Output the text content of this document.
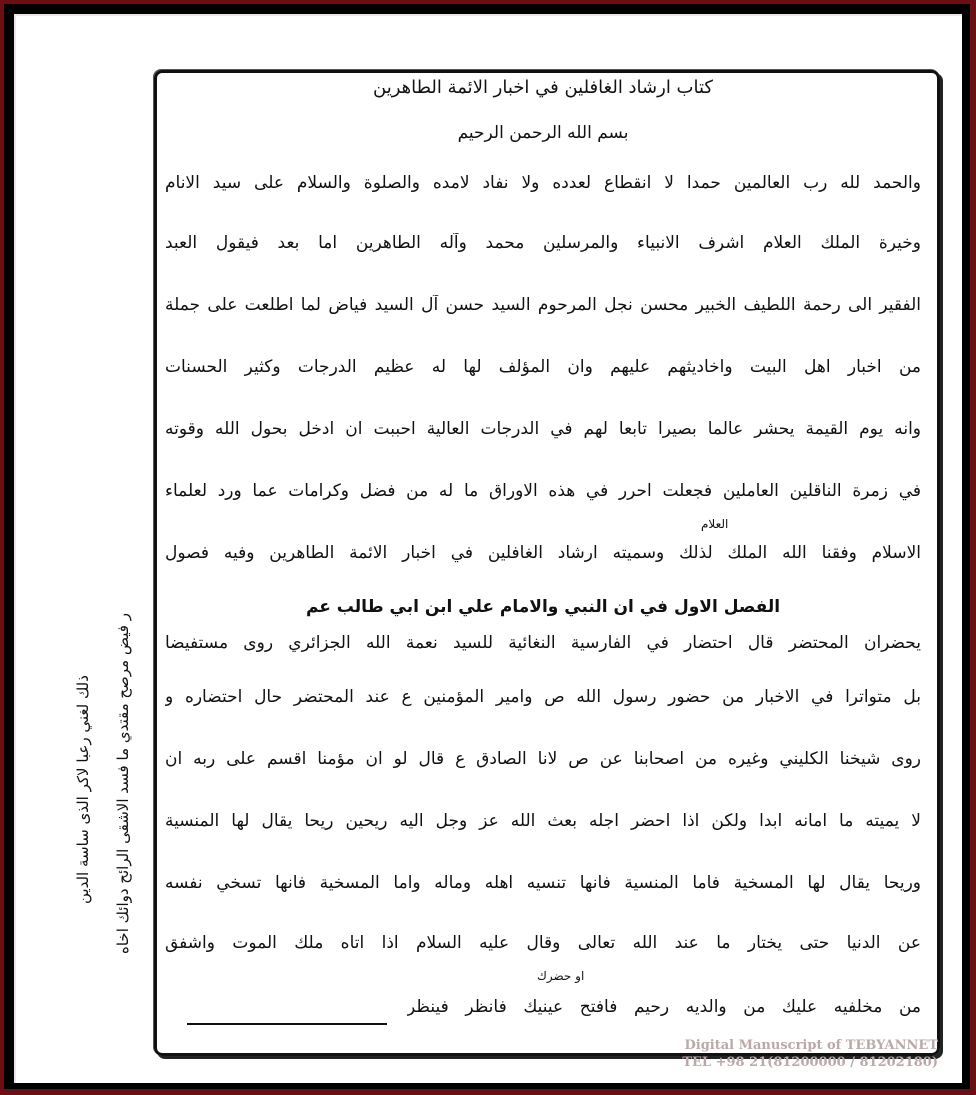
كتاب ارشاد الغافلين في اخبار الائمة الطاهرين
بسم الله الرحمن الرحيم
والحمد لله رب العالمين حمدا لا انقطاع لعدده ولا نفاد لامده والصلوة والسلام على سيد الانام
وخيرة الملك العلام اشرف الانبياء والمرسلين محمد وآله الطاهرين اما بعد فيقول العبد
الفقير الى رحمة اللطيف الخبير محسن نجل المرحوم السيد حسن آل السيد فياض لما اطلعت على جملة
من اخبار اهل البيت واخاديثهم عليهم وان المؤلف لها له عظيم الدرجات وكثير الحسنات
وانه يوم القيمة يحشر عالما بصيرا تابعا لهم في الدرجات العالية احببت ان ادخل بحول الله وقوته
في زمرة الناقلين العاملين فجعلت احرر في هذه الاوراق ما له من فضل وكرامات عما ورد لعلماء
العلام
الاسلام وفقنا الله الملك لذلك وسميته ارشاد الغافلين في اخبار الائمة الطاهرين وفيه فصول
الفصل الاول في ان النبي والامام علي ابن ابي طالب عم
يحضران المحتضر قال احتضار في الفارسية النغائية للسيد نعمة الله الجزائري روى مستفيضا
بل متواترا في الاخبار من حضور رسول الله ص وامير المؤمنين ع عند المحتضر حال احتضاره و
روى شيخنا الكليني وغيره من اصحابنا عن ص لانا الصادق ع قال لو ان مؤمنا اقسم على ربه ان
لا يميته ما امانه ابدا ولكن اذا احضر اجله بعث الله عز وجل اليه ريحين ريحا يقال لها المنسية
وريحا يقال لها المسخية فاما المنسية فانها تنسيه اهله وماله واما المسخية فانها تسخي نفسه
عن الدنيا حتى يختار ما عند الله تعالى وقال عليه السلام اذا اتاه ملك الموت واشفق
او حضرك
من مخلفيه عليك من والديه رحيم فافتح عينيك فانظر فينظر
ر فيض مرصح مقتدي ما فسد الاشقى الرائح دوائك اخاه
ذلك لغني رعبا لاكر الذى ساسة الدين
Digital Manuscript of TEBYANNET
TEL +98 21(81200000 / 81202180)
